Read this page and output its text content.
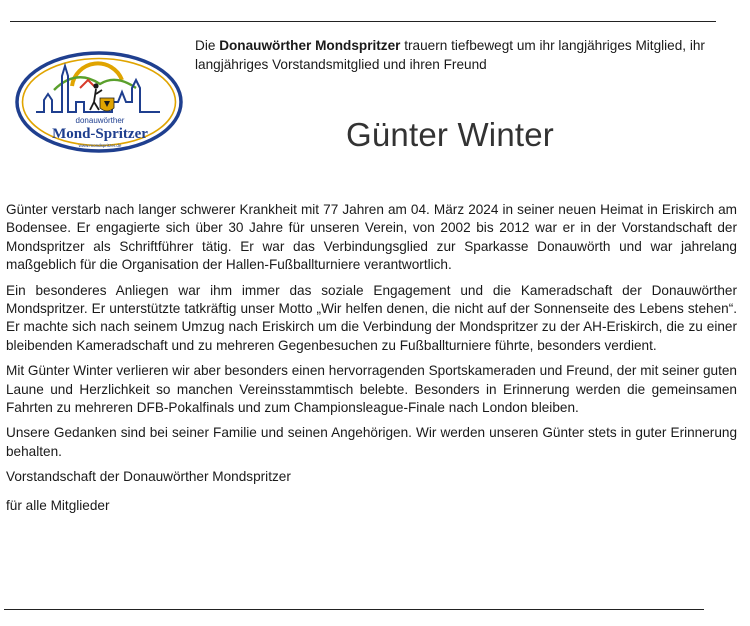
donauwörther
Mond-Spritzer
www.mondspritzer.de
Die Donauwörther Mondspritzer trauern tiefbewegt um ihr langjähriges Mitglied, ihr langjähriges Vorstandsmitglied und ihren Freund
Günter Winter

Günter verstarb nach langer schwerer Krankheit mit 77 Jahren am 04. März 2024 in seiner neuen Heimat in Eriskirch am Bodensee. Er engagierte sich über 30 Jahre für unseren Verein, von 2002 bis 2012 war er in der Vorstandschaft der Mondspritzer als Schriftführer tätig. Er war das Verbindungsglied zur Sparkasse Donauwörth und war jahrelang maßgeblich für die Organisation der Hallen-Fußballturniere verantwortlich.

Ein besonderes Anliegen war ihm immer das soziale Engagement und die Kameradschaft der Donauwörther Mondspritzer. Er unterstützte tatkräftig unser Motto „Wir helfen denen, die nicht auf der Sonnenseite des Lebens stehen“. Er machte sich nach seinem Umzug nach Eriskirch um die Verbindung der Mondspritzer zu der AH-Eriskirch, die zu einer bleibenden Kameradschaft und zu mehreren Gegenbesuchen zu Fußballturniere führte, besonders verdient.

Mit Günter Winter verlieren wir aber besonders einen hervorragenden Sportskameraden und Freund, der mit seiner guten Laune und Herzlichkeit so manchen Vereinsstammtisch belebte. Besonders in Erinnerung werden die gemeinsamen Fahrten zu mehreren DFB-Pokalfinals und zum Championsleague-Finale nach London bleiben.

Unsere Gedanken sind bei seiner Familie und seinen Angehörigen. Wir werden unseren Günter stets in guter Erinnerung behalten.

Vorstandschaft der Donauwörther Mondspritzer

für alle Mitglieder
